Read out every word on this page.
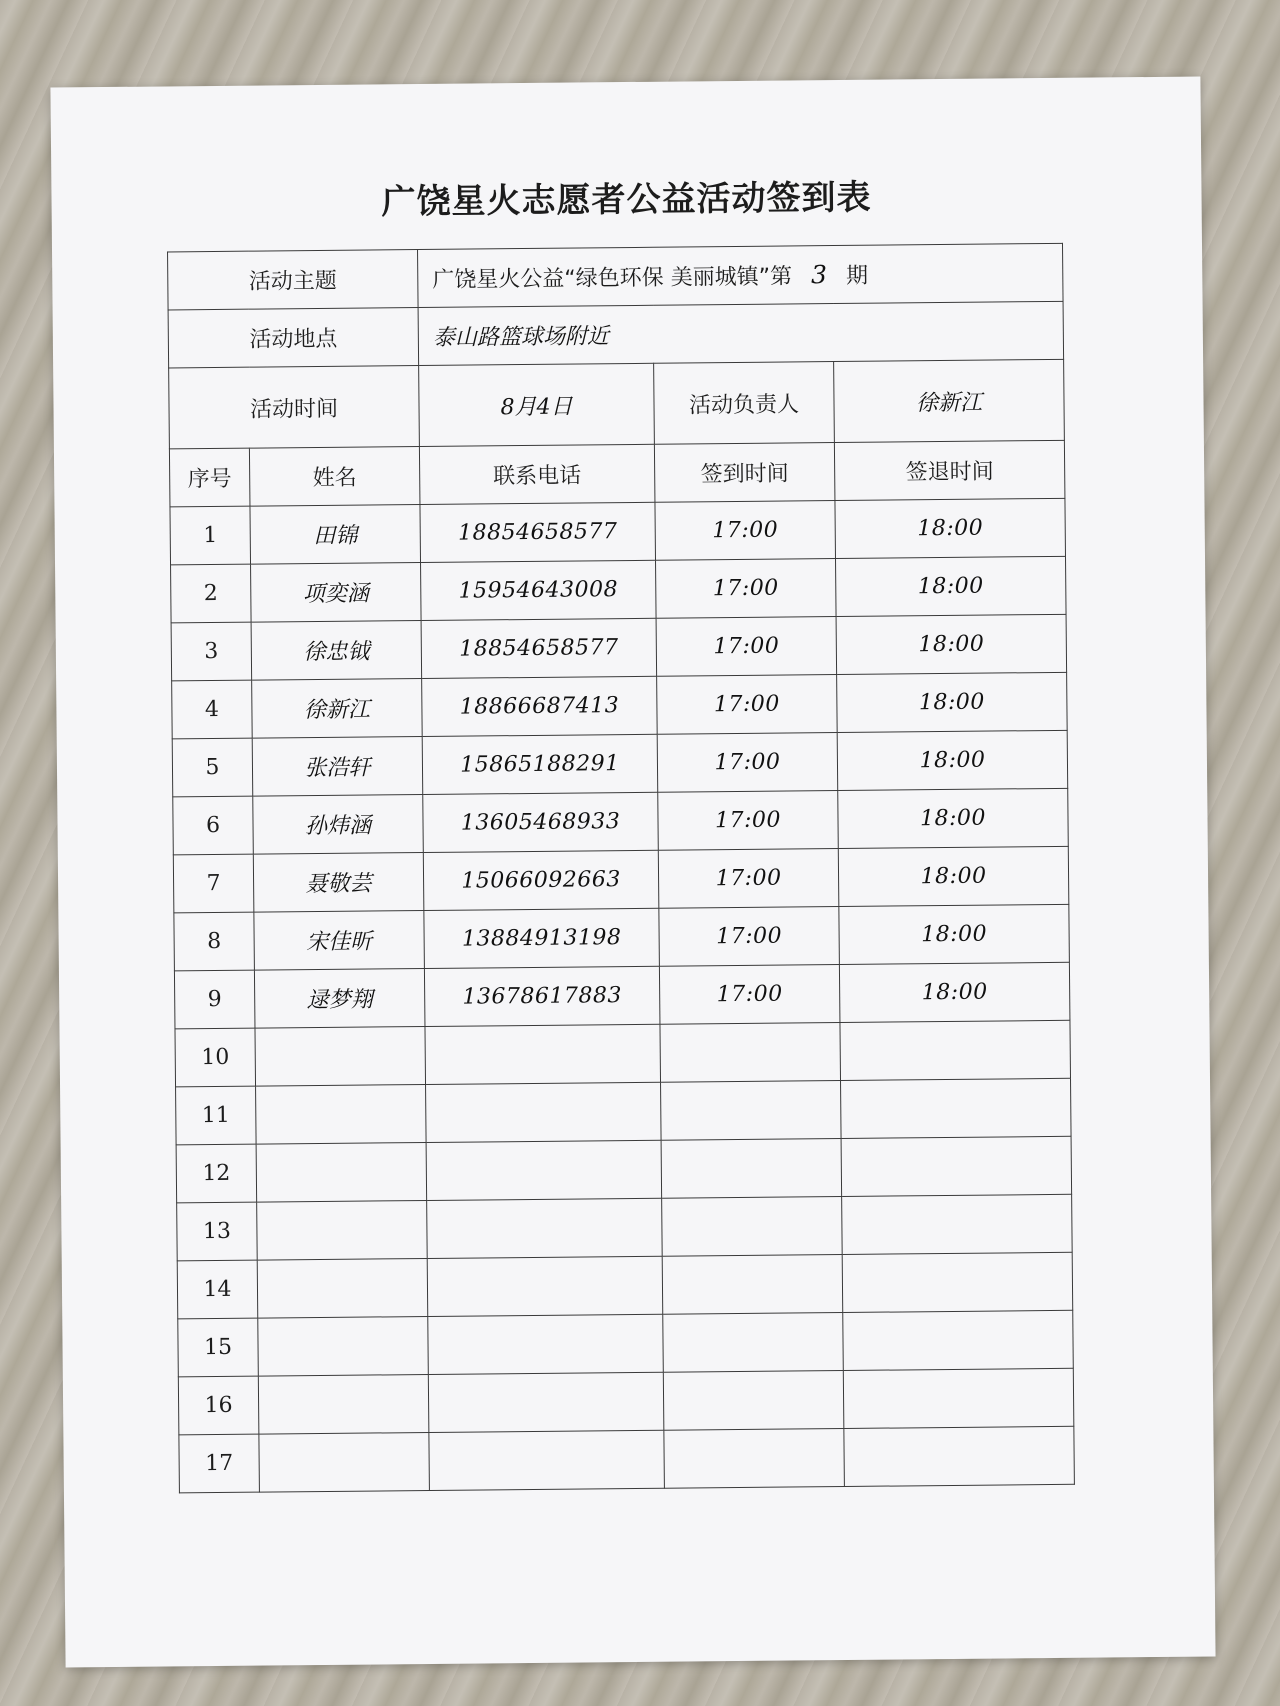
广饶星火志愿者公益活动签到表
活动主题		广饶星火公益“绿色环保 美丽城镇”第 3 期		
活动地点		泰山路篮球场附近		
活动时间		8月4日	活动负责人	徐新江
序号	姓名	联系电话	签到时间	签退时间
1	田锦	18854658577	17:00	18:00
2	项奕涵	15954643008	17:00	18:00
3	徐忠钺	18854658577	17:00	18:00
4	徐新江	18866687413	17:00	18:00
5	张浩轩	15865188291	17:00	18:00
6	孙炜涵	13605468933	17:00	18:00
7	聂敬芸	15066092663	17:00	18:00
8	宋佳昕	13884913198	17:00	18:00
9	逯梦翔	13678617883	17:00	18:00
10				
11				
12				
13				
14				
15				
16				
17				
